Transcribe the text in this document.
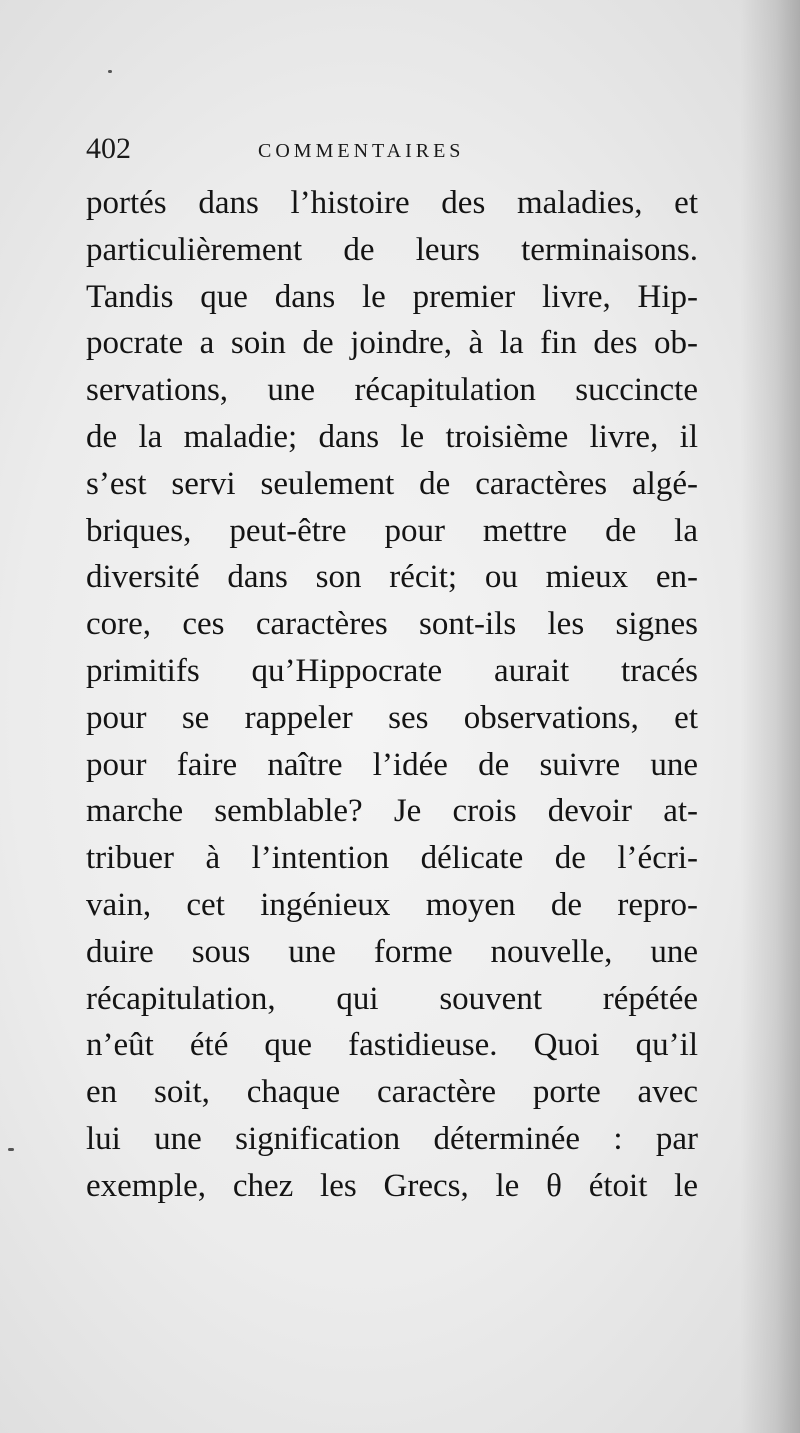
402	COMMENTAIRES
portés dans l’histoire des maladies, et
particulièrement de leurs terminaisons.
Tandis que dans le premier livre, Hip-
pocrate a soin de joindre, à la fin des ob-
servations, une récapitulation succincte
de la maladie; dans le troisième livre, il
s’est servi seulement de caractères algé-
briques, peut-être pour mettre de la
diversité dans son récit; ou mieux en-
core, ces caractères sont-ils les signes
primitifs qu’Hippocrate aurait tracés
pour se rappeler ses observations, et
pour faire naître l’idée de suivre une
marche semblable? Je crois devoir at-
tribuer à l’intention délicate de l’écri-
vain, cet ingénieux moyen de repro-
duire sous une forme nouvelle, une
récapitulation, qui souvent répétée
n’eût été que fastidieuse. Quoi qu’il
en soit, chaque caractère porte avec
lui une signification déterminée : par
exemple, chez les Grecs, le θ étoit le
